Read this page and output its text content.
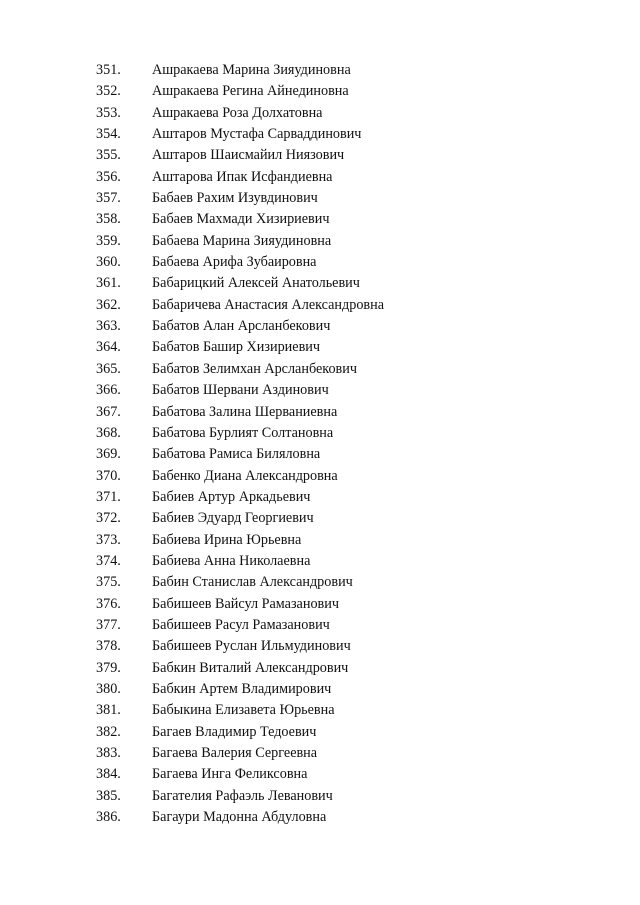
351. Ашракаева Марина Зияудиновна
352. Ашракаева Регина Айнединовна
353. Ашракаева Роза Долхатовна
354. Аштаров Мустафа Сарваддинович
355. Аштаров Шаисмайил Ниязович
356. Аштарова Ипак Исфандиевна
357. Бабаев Рахим Изувдинович
358. Бабаев Махмади Хизириевич
359. Бабаева Марина Зияудиновна
360. Бабаева Арифа Зубаировна
361. Бабарицкий Алексей Анатольевич
362. Бабаричева Анастасия Александровна
363. Бабатов Алан Арсланбекович
364. Бабатов Башир Хизириевич
365. Бабатов Зелимхан Арсланбекович
366. Бабатов Шервани Аздинович
367. Бабатова Залина Шерваниевна
368. Бабатова Бурлият Солтановна
369. Бабатова Рамиса Биляловна
370. Бабенко Диана Александровна
371. Бабиев Артур Аркадьевич
372. Бабиев Эдуард Георгиевич
373. Бабиева Ирина Юрьевна
374. Бабиева Анна Николаевна
375. Бабин Станислав Александрович
376. Бабишеев Вайсул Рамазанович
377. Бабишеев Расул Рамазанович
378. Бабишеев Руслан Ильмудинович
379. Бабкин Виталий Александрович
380. Бабкин Артем Владимирович
381. Бабыкина Елизавета Юрьевна
382. Багаев Владимир Тедоевич
383. Багаева Валерия Сергеевна
384. Багаева Инга Феликсовна
385. Багателия Рафаэль Леванович
386. Багаури Мадонна Абдуловна
